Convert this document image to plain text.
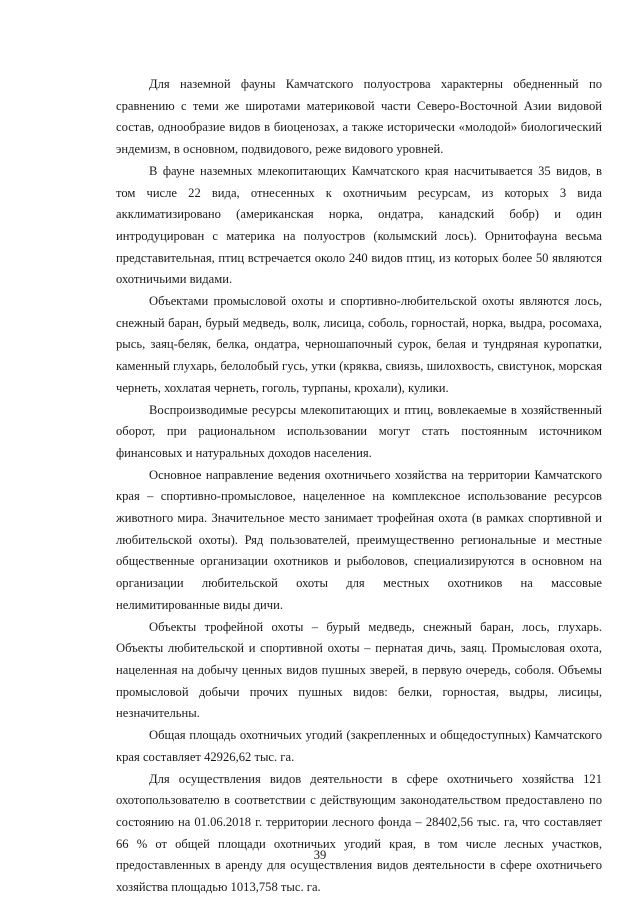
Для наземной фауны Камчатского полуострова характерны обедненный по сравнению с теми же широтами материковой части Северо-Восточной Азии видовой состав, однообразие видов в биоценозах, а также исторически «молодой» биологический эндемизм, в основном, подвидового, реже видового уровней.

В фауне наземных млекопитающих Камчатского края насчитывается 35 видов, в том числе 22 вида, отнесенных к охотничьим ресурсам, из которых 3 вида акклиматизировано (американская норка, ондатра, канадский бобр) и один интродуцирован с материка на полуостров (колымский лось). Орнитофауна весьма представительная, птиц встречается около 240 видов птиц, из которых более 50 являются охотничьими видами.

Объектами промысловой охоты и спортивно-любительской охоты являются лось, снежный баран, бурый медведь, волк, лисица, соболь, горностай, норка, выдра, росомаха, рысь, заяц-беляк, белка, ондатра, черношапочный сурок, белая и тундряная куропатки, каменный глухарь, белолобый гусь, утки (кряква, свиязь, шилохвость, свистунок, морская чернеть, хохлатая чернеть, гоголь, турпаны, крохали), кулики.

Воспроизводимые ресурсы млекопитающих и птиц, вовлекаемые в хозяйственный оборот, при рациональном использовании могут стать постоянным источником финансовых и натуральных доходов населения.

Основное направление ведения охотничьего хозяйства на территории Камчатского края – спортивно-промысловое, нацеленное на комплексное использование ресурсов животного мира. Значительное место занимает трофейная охота (в рамках спортивной и любительской охоты). Ряд пользователей, преимущественно региональные и местные общественные организации охотников и рыболовов, специализируются в основном на организации любительской охоты для местных охотников на массовые нелимитированные виды дичи.

Объекты трофейной охоты – бурый медведь, снежный баран, лось, глухарь. Объекты любительской и спортивной охоты – пернатая дичь, заяц. Промысловая охота, нацеленная на добычу ценных видов пушных зверей, в первую очередь, соболя. Объемы промысловой добычи прочих пушных видов: белки, горностая, выдры, лисицы, незначительны.

Общая площадь охотничьих угодий (закрепленных и общедоступных) Камчатского края составляет 42926,62 тыс. га.

Для осуществления видов деятельности в сфере охотничьего хозяйства 121 охотопользователю в соответствии с действующим законодательством предоставлено по состоянию на 01.06.2018 г. территории лесного фонда – 28402,56 тыс. га, что составляет 66 % от общей площади охотничьих угодий края, в том числе лесных участков, предоставленных в аренду для осуществления видов деятельности в сфере охотничьего хозяйства площадью 1013,758 тыс. га.

39
